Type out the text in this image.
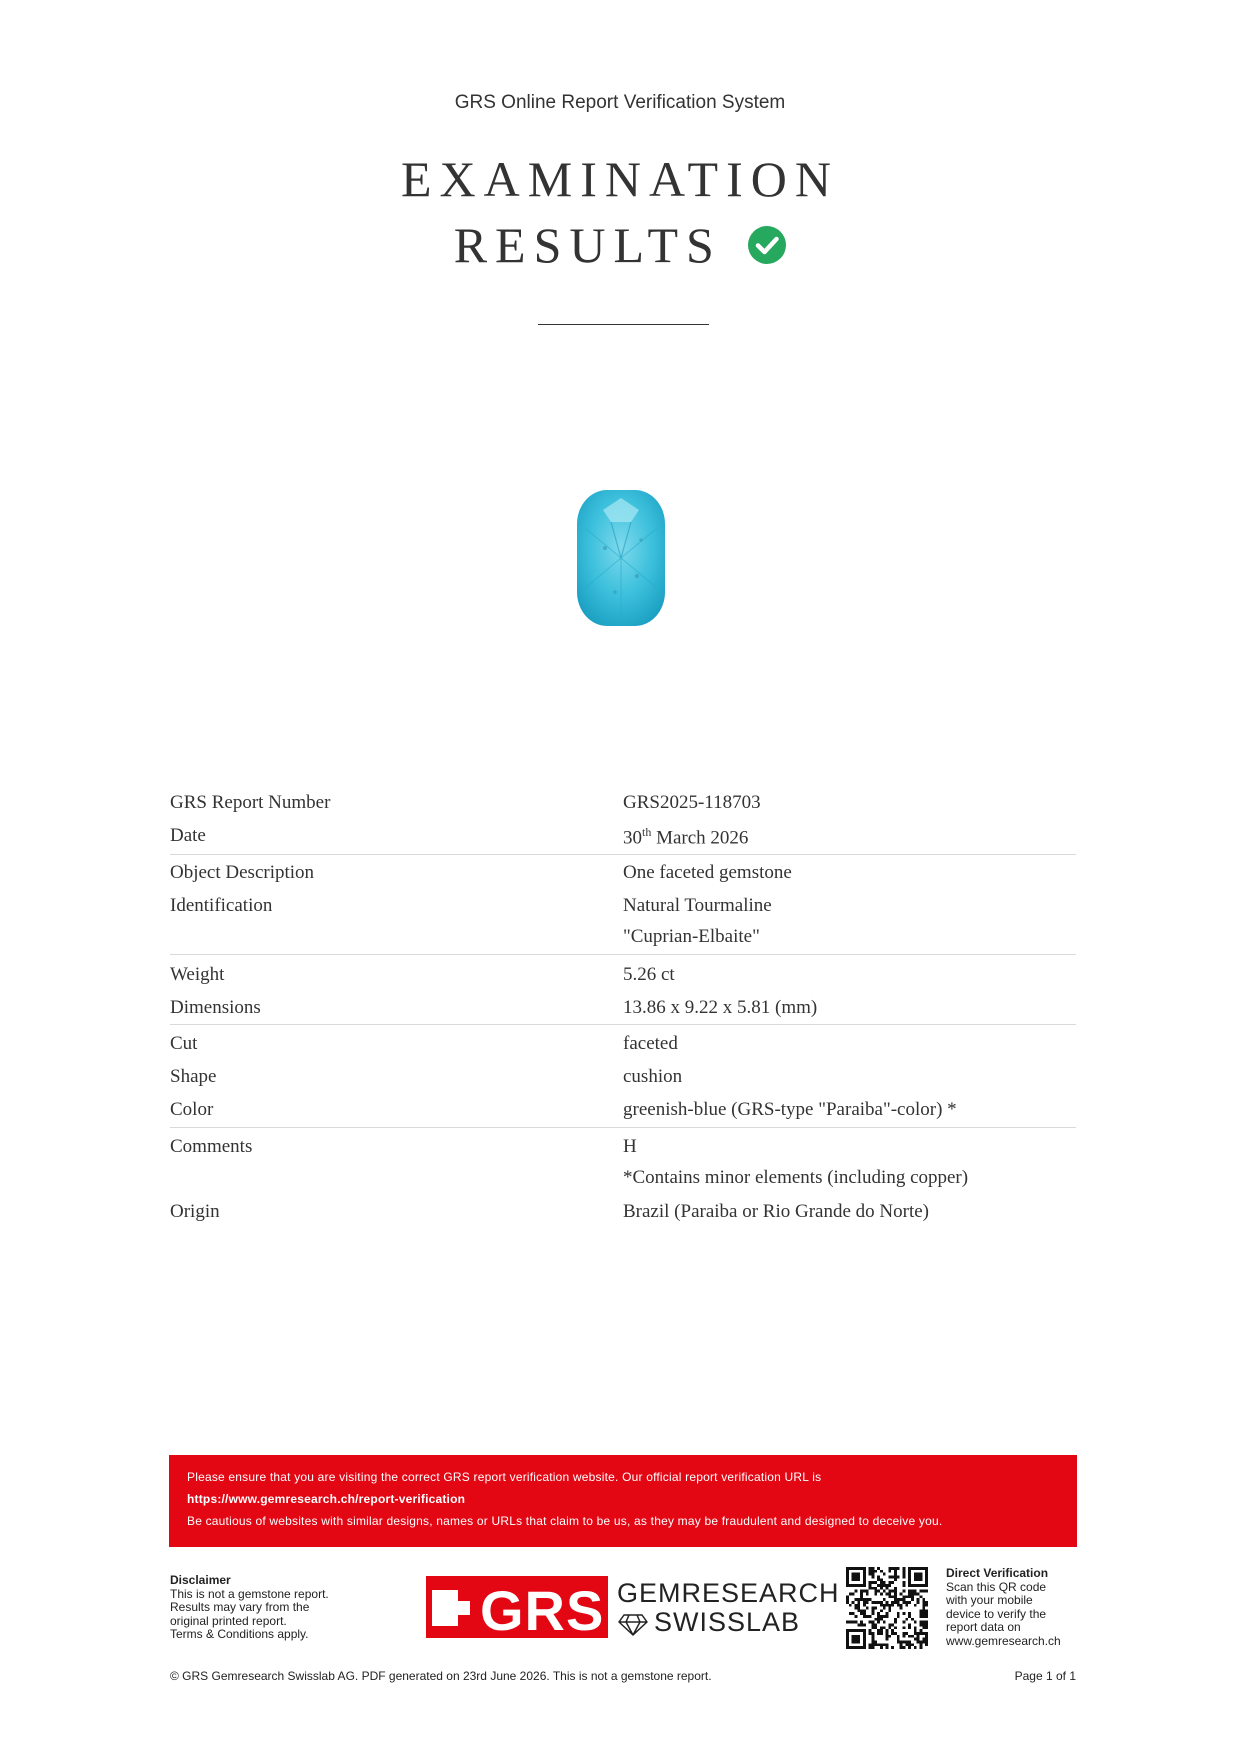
GRS Online Report Verification System
EXAMINATION
RESULTS
GRS Report Number	GRS2025-118703
Date	30th March 2026
Object Description	One faceted gemstone
Identification	Natural Tourmaline
"Cuprian-Elbaite"
Weight	5.26 ct
Dimensions	13.86 x 9.22 x 5.81 (mm)
Cut	faceted
Shape	cushion
Color	greenish-blue (GRS-type "Paraiba"-color) *
Comments	H
*Contains minor elements (including copper)
Origin	Brazil (Paraiba or Rio Grande do Norte)
Please ensure that you are visiting the correct GRS report verification website. Our official report verification URL is
https://www.gemresearch.ch/report-verification
Be cautious of websites with similar designs, names or URLs that claim to be us, as they may be fraudulent and designed to deceive you.
Disclaimer
This is not a gemstone report.
Results may vary from the
original printed report.
Terms & Conditions apply.	GRS GEMRESEARCH
SWISSLAB
Direct Verification
Scan this QR code
with your mobile
device to verify the
report data on
www.gemresearch.ch
© GRS Gemresearch Swisslab AG. PDF generated on 23rd June 2026. This is not a gemstone report.	Page 1 of 1
